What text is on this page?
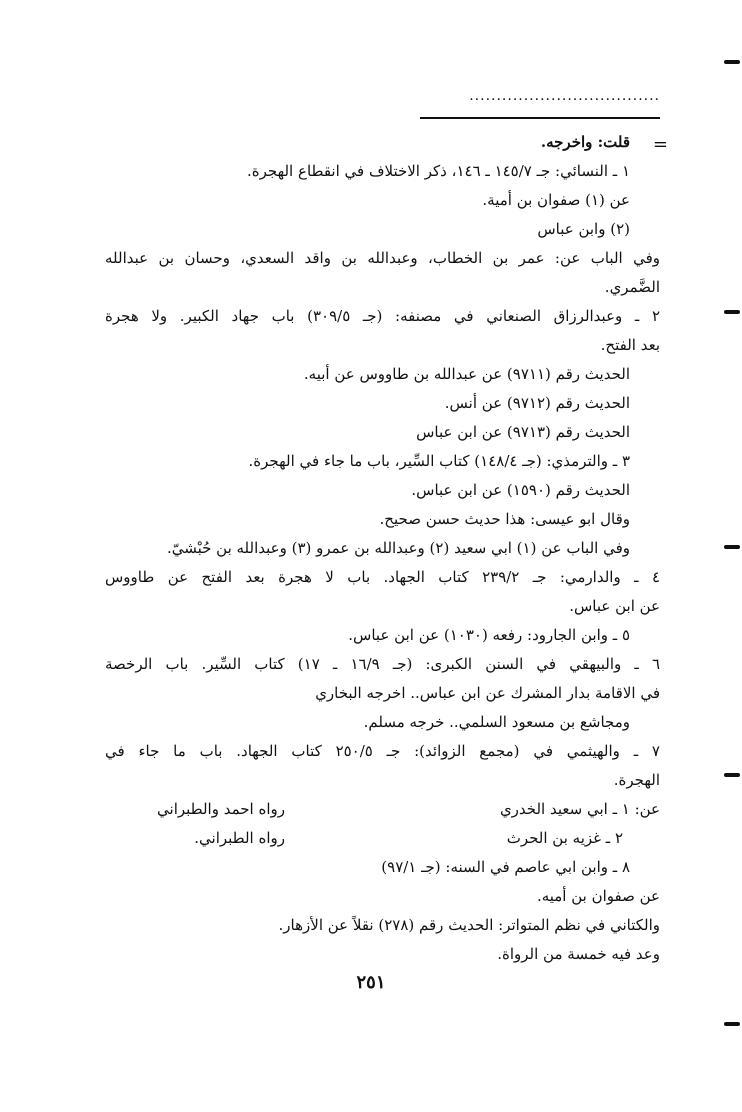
...................................
=
قلت: واخرجه.
١ ـ النسائي: جـ ١٤٥/٧ ـ ١٤٦، ذكر الاختلاف في انقطاع الهجرة.
عن (١) صفوان بن أمية.
(٢) وابن عباس
وفي الباب عن: عمر بن الخطاب، وعبدالله بن واقد السعدي، وحسان بن عبدالله
الضَّمري.
٢ ـ وعبدالرزاق الصنعاني في مصنفه: (جـ ٣٠٩/٥) باب جهاد الكبير. ولا هجرة
بعد الفتح.
الحديث رقم (٩٧١١) عن عبدالله بن طاووس عن أبيه.
الحديث رقم (٩٧١٢) عن أنس.
الحديث رقم (٩٧١٣) عن ابن عباس
٣ ـ والترمذي: (جـ ١٤٨/٤) كتاب السِّير، باب ما جاء في الهجرة.
الحديث رقم (١٥٩٠) عن ابن عباس.
وقال ابو عيسى: هذا حديث حسن صحيح.
وفي الباب عن (١) ابي سعيد (٢) وعبدالله بن عمرو (٣) وعبدالله بن حُبْشيّ.
٤ ـ والدارمي: جـ ٢٣٩/٢ كتاب الجهاد. باب لا هجرة بعد الفتح عن طاووس
عن ابن عباس.
٥ ـ وابن الجارود: رفعه (١٠٣٠) عن ابن عباس.
٦ ـ والبيهقي في السنن الكبرى: (جـ ١٦/٩ ـ ١٧) كتاب السِّير. باب الرخصة
في الاقامة بدار المشرك عن ابن عباس.. اخرجه البخاري
ومجاشع بن مسعود السلمي.. خرجه مسلم.
٧ ـ والهيثمي في (مجمع الزوائد): جـ ٢٥٠/٥ كتاب الجهاد. باب ما جاء في
الهجرة.
عن: ١ ـ ابي سعيد الخدري
رواه احمد والطبراني
٢ ـ غزيه بن الحرث
رواه الطبراني.
٨ ـ وابن ابي عاصم في السنه: (جـ ٩٧/١)
عن صفوان بن أميه.
والكتاني في نظم المتواتر: الحديث رقم (٢٧٨) نقلاً عن الأزهار.
وعد فيه خمسة من الرواة.
٢٥١
